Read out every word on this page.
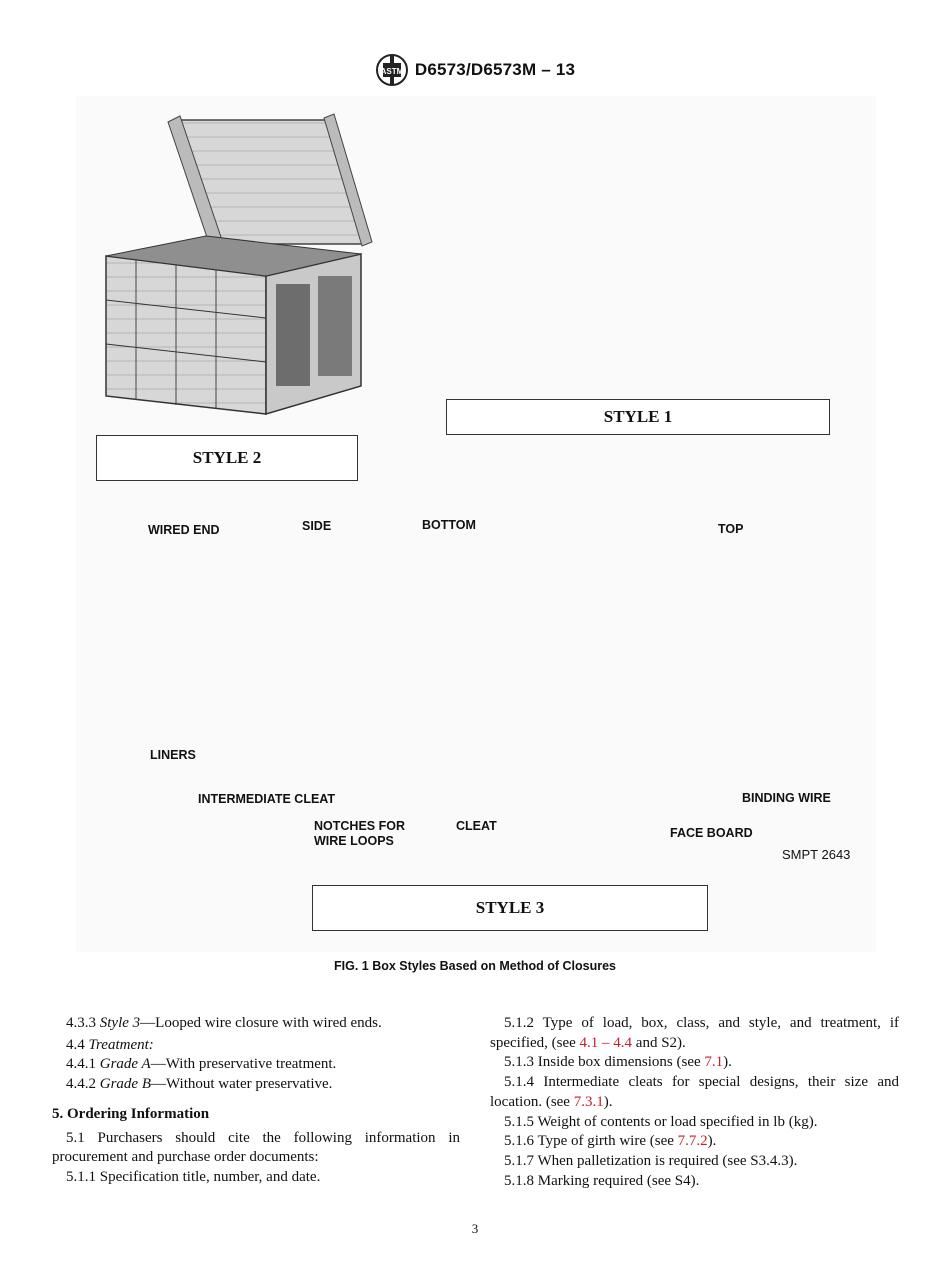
ASTM D6573/D6573M – 13
STYLE 2
STYLE 1
STYLE 3
WIRED END	SIDE	BOTTOM	TOP
LINERS
INTERMEDIATE CLEAT
NOTCHES FOR
WIRE LOOPS
CLEAT
BINDING WIRE
FACE BOARD
SMPT 2643
FIG. 1 Box Styles Based on Method of Closures

4.3.3 Style 3—Looped wire closure with wired ends.

4.4 Treatment:

4.4.1 Grade A—With preservative treatment.

4.4.2 Grade B—Without water preservative.

5. Ordering Information

5.1 Purchasers should cite the following information in procurement and purchase order documents:

5.1.1 Specification title, number, and date.

5.1.2 Type of load, box, class, and style, and treatment, if specified, (see 4.1 – 4.4 and S2).

5.1.3 Inside box dimensions (see 7.1).

5.1.4 Intermediate cleats for special designs, their size and location. (see 7.3.1).

5.1.5 Weight of contents or load specified in lb (kg).

5.1.6 Type of girth wire (see 7.7.2).

5.1.7 When palletization is required (see S3.4.3).

5.1.8 Marking required (see S4).

3
